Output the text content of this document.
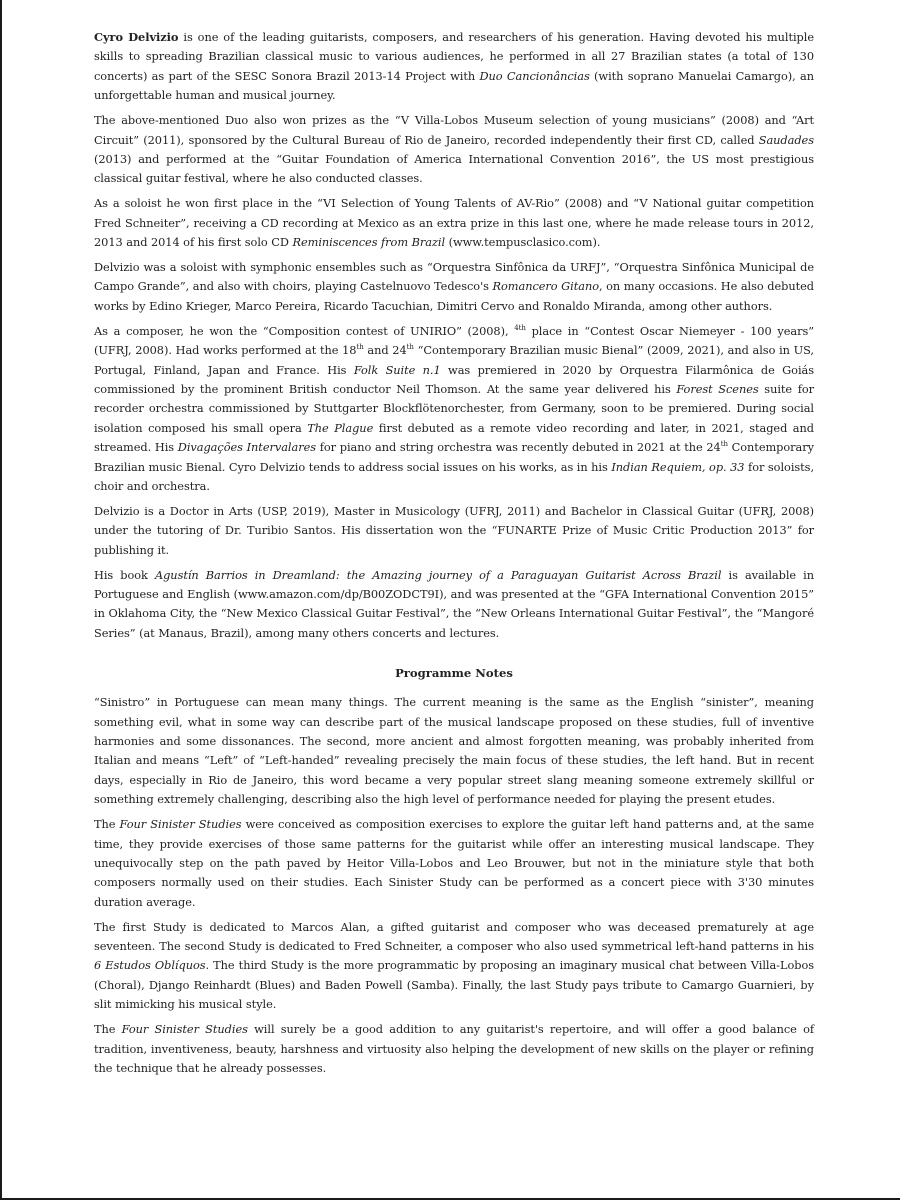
Cyro Delvizio is one of the leading guitarists, composers, and researchers of his generation. Having devoted his multiple skills to spreading Brazilian classical music to various audiences, he performed in all 27 Brazilian states (a total of 130 concerts) as part of the SESC Sonora Brazil 2013-14 Project with Duo Cancionâncias (with soprano Manuelai Camargo), an unforgettable human and musical journey.

The above-mentioned Duo also won prizes as the “V Villa-Lobos Museum selection of young musicians” (2008) and “Art Circuit” (2011), sponsored by the Cultural Bureau of Rio de Janeiro, recorded independently their first CD, called Saudades (2013) and performed at the “Guitar Foundation of America International Convention 2016”, the US most prestigious classical guitar festival, where he also conducted classes.

As a soloist he won first place in the “VI Selection of Young Talents of AV-Rio” (2008) and “V National guitar competition Fred Schneiter”, receiving a CD recording at Mexico as an extra prize in this last one, where he made release tours in 2012, 2013 and 2014 of his first solo CD Reminiscences from Brazil (www.tempusclasico.com).

Delvizio was a soloist with symphonic ensembles such as “Orquestra Sinfônica da URFJ”, “Orquestra Sinfônica Municipal de Campo Grande”, and also with choirs, playing Castelnuovo Tedesco's Romancero Gitano, on many occasions. He also debuted works by Edino Krieger, Marco Pereira, Ricardo Tacuchian, Dimitri Cervo and Ronaldo Miranda, among other authors.

As a composer, he won the “Composition contest of UNIRIO” (2008), $^{4th}$ place in “Contest Oscar Niemeyer - 100 years” (UFRJ, 2008). Had works performed at the 18th and 24th “Contemporary Brazilian music Bienal” (2009, 2021), and also in US, Portugal, Finland, Japan and France. His Folk Suite n.1 was premiered in 2020 by Orquestra Filarmônica de Goiás commissioned by the prominent British conductor Neil Thomson. At the same year delivered his Forest Scenes suite for recorder orchestra commissioned by Stuttgarter Blockflötenorchester, from Germany, soon to be premiered. During social isolation composed his small opera The Plague first debuted as a remote video recording and later, in 2021, staged and streamed. His Divagações Intervalares for piano and string orchestra was recently debuted in 2021 at the 24th Contemporary Brazilian music Bienal. Cyro Delvizio tends to address social issues on his works, as in his Indian Requiem, op. 33 for soloists, choir and orchestra.

Delvizio is a Doctor in Arts (USP, 2019), Master in Musicology (UFRJ, 2011) and Bachelor in Classical Guitar (UFRJ, 2008) under the tutoring of Dr. Turibio Santos. His dissertation won the “FUNARTE Prize of Music Critic Production 2013” for publishing it.

His book Agustín Barrios in Dreamland: the Amazing journey of a Paraguayan Guitarist Across Brazil is available in Portuguese and English (www.amazon.com/dp/B00ZODCT9I), and was presented at the “GFA International Convention 2015” in Oklahoma City, the “New Mexico Classical Guitar Festival”, the “New Orleans International Guitar Festival”, the “Mangoré Series” (at Manaus, Brazil), among many others concerts and lectures.

Programme Notes

“Sinistro” in Portuguese can mean many things. The current meaning is the same as the English “sinister”, meaning something evil, what in some way can describe part of the musical landscape proposed on these studies, full of inventive harmonies and some dissonances. The second, more ancient and almost forgotten meaning, was probably inherited from Italian and means “Left” of “Left-handed” revealing precisely the main focus of these studies, the left hand. But in recent days, especially in Rio de Janeiro, this word became a very popular street slang meaning someone extremely skillful or something extremely challenging, describing also the high level of performance needed for playing the present etudes.

The Four Sinister Studies were conceived as composition exercises to explore the guitar left hand patterns and, at the same time, they provide exercises of those same patterns for the guitarist while offer an interesting musical landscape. They unequivocally step on the path paved by Heitor Villa-Lobos and Leo Brouwer, but not in the miniature style that both composers normally used on their studies. Each Sinister Study can be performed as a concert piece with 3'30 minutes duration average.

The first Study is dedicated to Marcos Alan, a gifted guitarist and composer who was deceased prematurely at age seventeen. The second Study is dedicated to Fred Schneiter, a composer who also used symmetrical left-hand patterns in his 6 Estudos Oblíquos. The third Study is the more programmatic by proposing an imaginary musical chat between Villa-Lobos (Choral), Django Reinhardt (Blues) and Baden Powell (Samba). Finally, the last Study pays tribute to Camargo Guarnieri, by slit mimicking his musical style.

The Four Sinister Studies will surely be a good addition to any guitarist's repertoire, and will offer a good balance of tradition, inventiveness, beauty, harshness and virtuosity also helping the development of new skills on the player or refining the technique that he already possesses.
